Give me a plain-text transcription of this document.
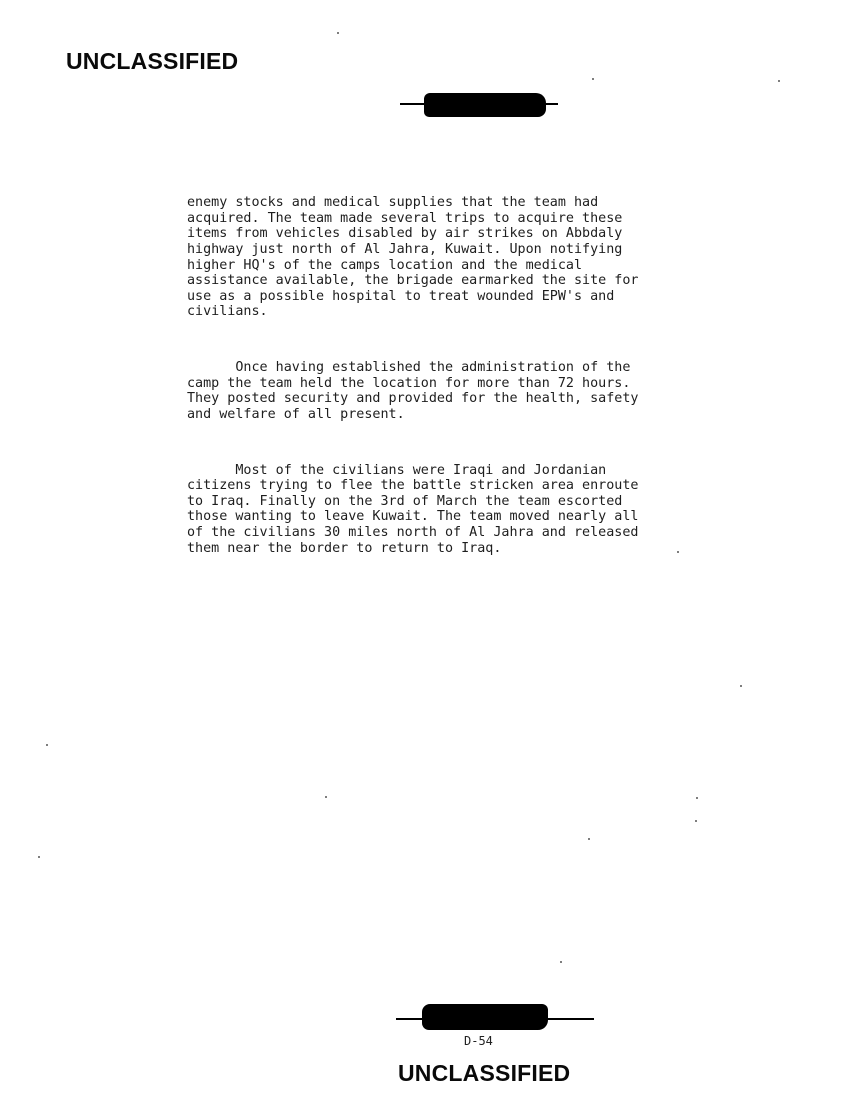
UNCLASSIFIED

enemy stocks and medical supplies that the team had
acquired. The team made several trips to acquire these
items from vehicles disabled by air strikes on Abbdaly
highway just north of Al Jahra, Kuwait. Upon notifying
higher HQ's of the camps location and the medical
assistance available, the brigade earmarked the site for
use as a possible hospital to treat wounded EPW's and
civilians.

Once having established the administration of the
camp the team held the location for more than 72 hours.
They posted security and provided for the health, safety
and welfare of all present.

Most of the civilians were Iraqi and Jordanian
citizens trying to flee the battle stricken area enroute
to Iraq. Finally on the 3rd of March the team escorted
those wanting to leave Kuwait. The team moved nearly all
of the civilians 30 miles north of Al Jahra and released
them near the border to return to Iraq.

D-54
UNCLASSIFIED
